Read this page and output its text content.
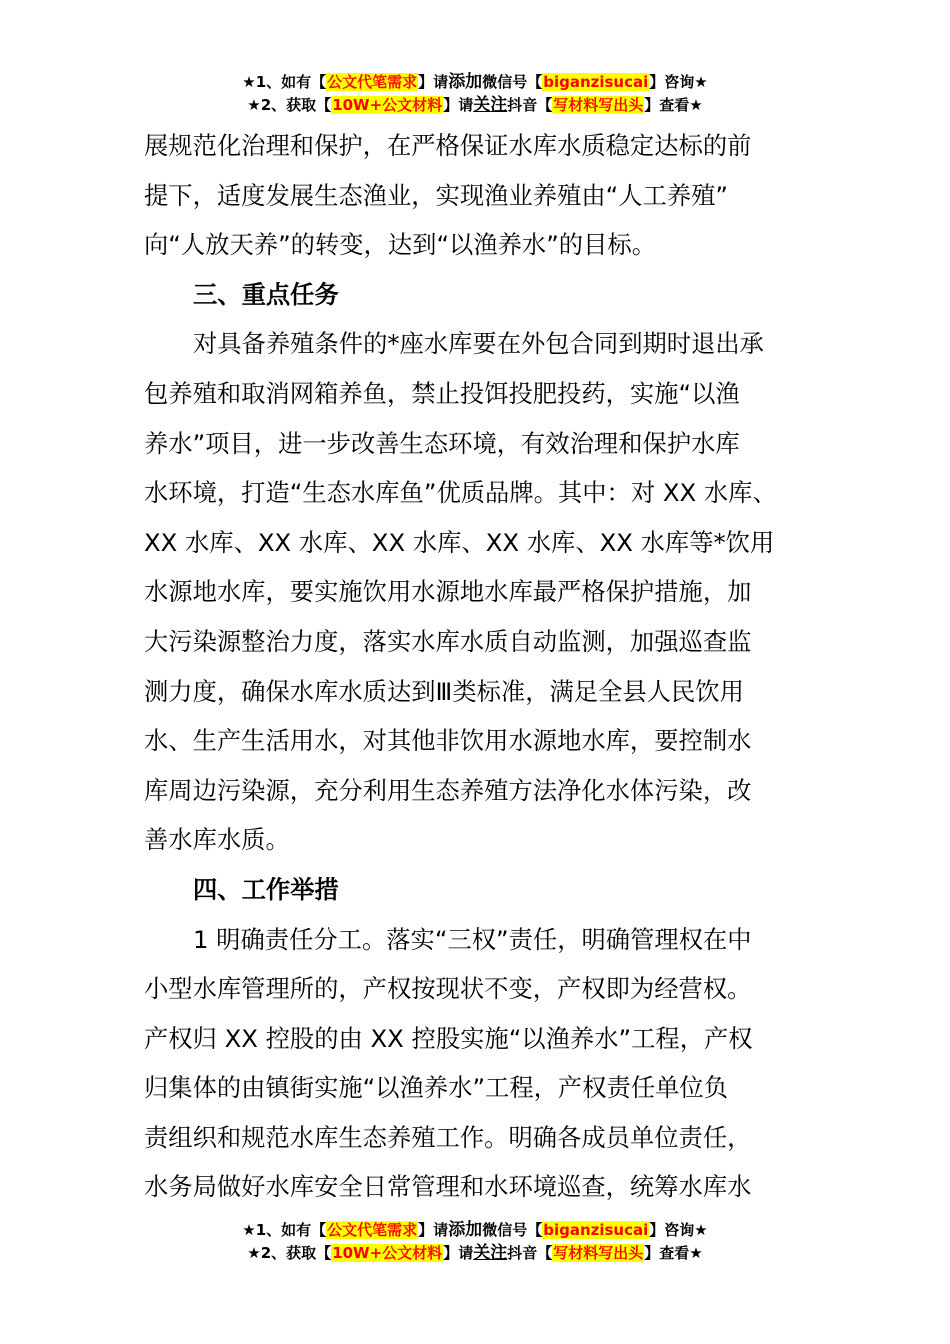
★1、如有【公文代笔需求】请添加微信号【biganzisucai】咨询★
★2、获取【10W+公文材料】请关注抖音【写材料写出头】查看★

展规范化治理和保护，在严格保证水库水质稳定达标的前
提下，适度发展生态渔业，实现渔业养殖由“人工养殖”
向“人放天养”的转变，达到“以渔养水”的目标。

三、重点任务

对具备养殖条件的*座水库要在外包合同到期时退出承
包养殖和取消网箱养鱼，禁止投饵投肥投药，实施“以渔
养水”项目，进一步改善生态环境，有效治理和保护水库
水环境，打造“生态水库鱼”优质品牌。其中：对 XX 水库、
XX 水库、XX 水库、XX 水库、XX 水库、XX 水库等*饮用
水源地水库，要实施饮用水源地水库最严格保护措施，加
大污染源整治力度，落实水库水质自动监测，加强巡查监
测力度，确保水库水质达到Ⅲ类标准，满足全县人民饮用
水、生产生活用水，对其他非饮用水源地水库，要控制水
库周边污染源，充分利用生态养殖方法净化水体污染，改
善水库水质。

四、工作举措

1 明确责任分工。落实“三权”责任，明确管理权在中
小型水库管理所的，产权按现状不变，产权即为经营权。
产权归 XX 控股的由 XX 控股实施“以渔养水”工程，产权
归集体的由镇街实施“以渔养水”工程，产权责任单位负
责组织和规范水库生态养殖工作。明确各成员单位责任，
水务局做好水库安全日常管理和水环境巡查，统筹水库水

★1、如有【公文代笔需求】请添加微信号【biganzisucai】咨询★
★2、获取【10W+公文材料】请关注抖音【写材料写出头】查看★
